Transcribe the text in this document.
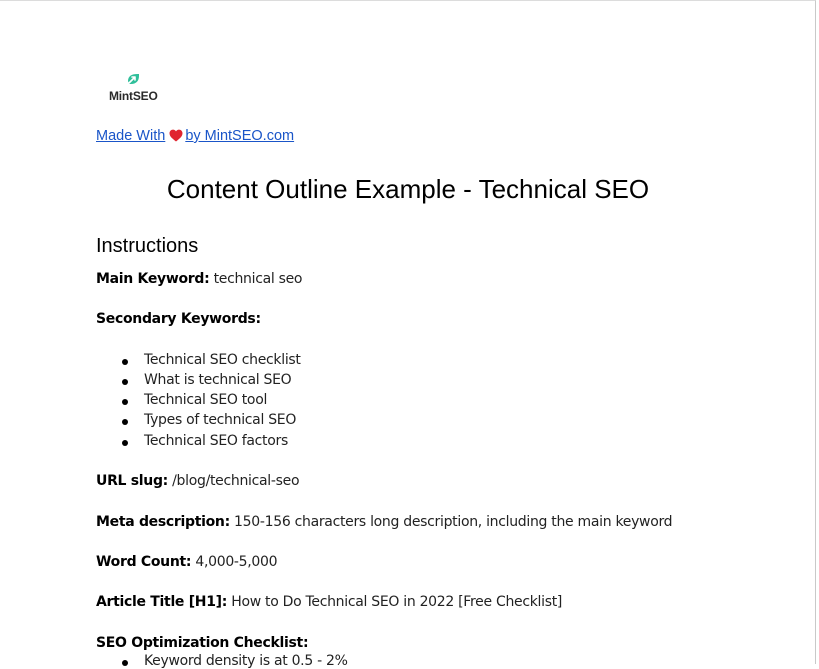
MintSEO
Made With by MintSEO.com
Content Outline Example - Technical SEO
Instructions
Main Keyword: technical seo
Secondary Keywords:
Technical SEO checklist
What is technical SEO
Technical SEO tool
Types of technical SEO
Technical SEO factors
URL slug: /blog/technical-seo
Meta description: 150-156 characters long description, including the main keyword
Word Count: 4,000-5,000
Article Title [H1]: How to Do Technical SEO in 2022 [Free Checklist]
SEO Optimization Checklist:
Keyword density is at 0.5 - 2%
